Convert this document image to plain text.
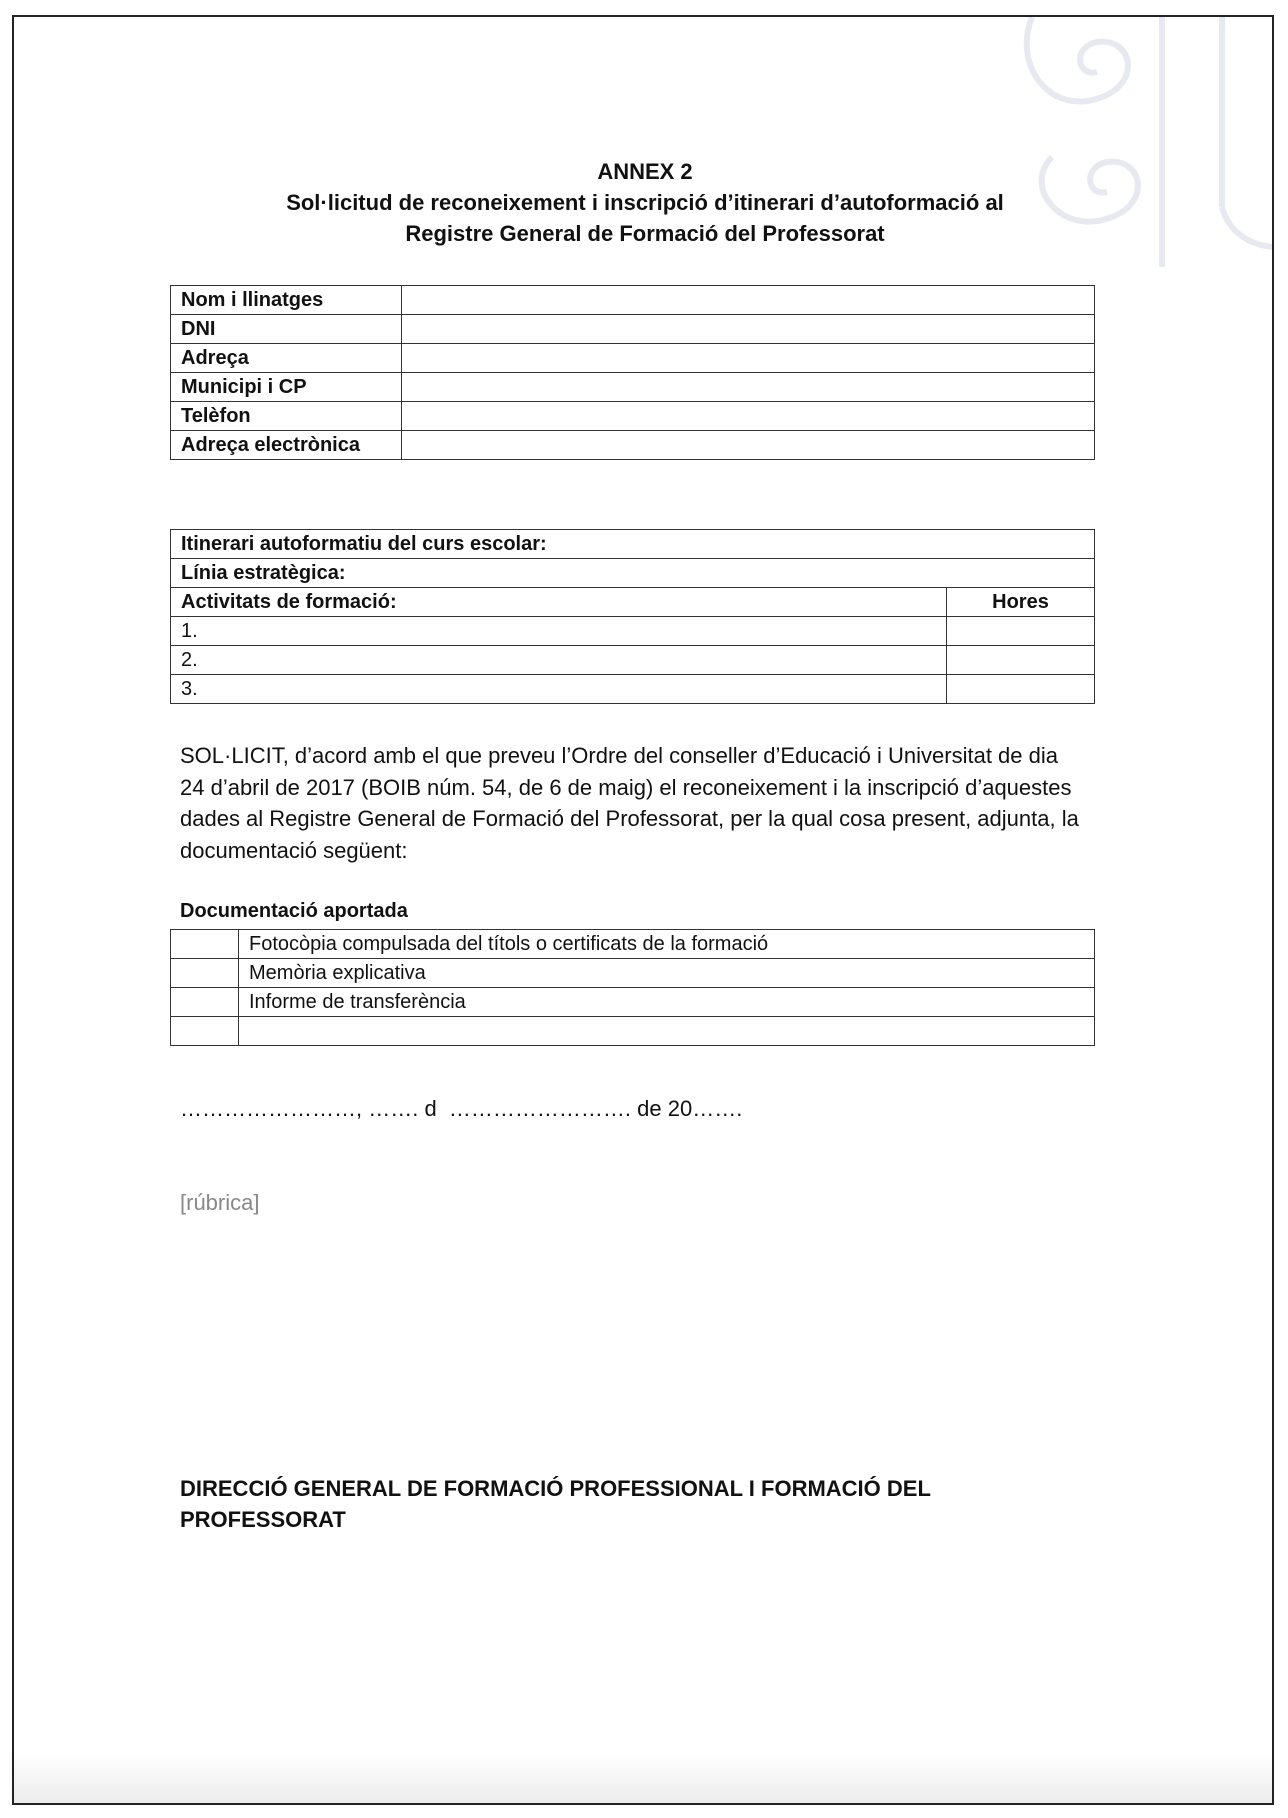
ANNEX 2
Sol·licitud de reconeixement i inscripció d’itinerari d’autoformació al
Registre General de Formació del Professorat
Nom i llinatges	
DNI	
Adreça	
Municipi i CP	
Telèfon	
Adreça electrònica	
Itinerari autoformatiu del curs escolar:	
Línia estratègica:	
Activitats de formació:	Hores
1.	
2.	
3.	
SOL·LICIT, d’acord amb el que preveu l’Ordre del conseller d’Educació i Universitat de dia 24 d’abril de 2017 (BOIB núm. 54, de 6 de maig) el reconeixement i la inscripció d’aquestes dades al Registre General de Formació del Professorat, per la qual cosa present, adjunta, la documentació següent:
Documentació aportada
	Fotocòpia compulsada del títols o certificats de la formació
	Memòria explicativa
	Informe de transferència

……………………, ……. d  ……………………. de 20…….
[rúbrica]
DIRECCIÓ GENERAL DE FORMACIÓ PROFESSIONAL I FORMACIÓ DEL PROFESSORAT
